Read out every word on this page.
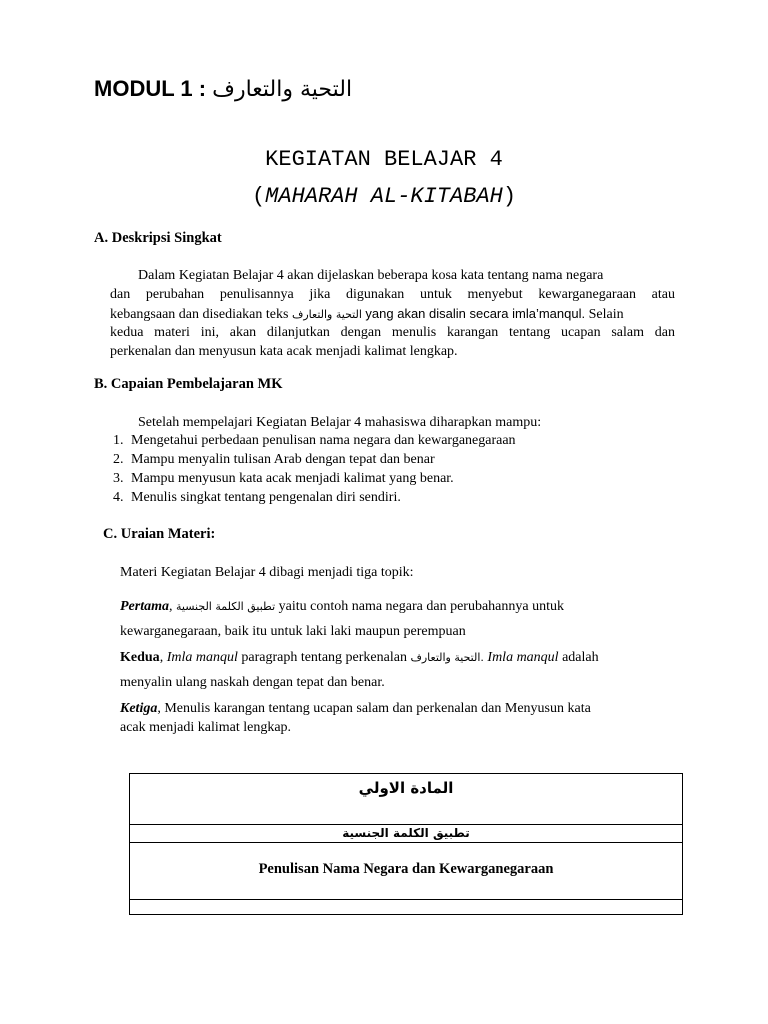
MODUL 1 : التحية والتعارف
KEGIATAN BELAJAR 4
(MAHARAH AL-KITABAH)
A. Deskripsi Singkat
Dalam Kegiatan Belajar 4 akan dijelaskan beberapa kosa kata tentang nama negara
dan perubahan penulisannya jika digunakan untuk menyebut kewarganegaraan atau
kebangsaan dan disediakan teks التحية والتعارف yang akan disalin secara imla’manqul. Selain
kedua materi ini, akan dilanjutkan dengan menulis karangan tentang ucapan salam dan
perkenalan dan menyusun kata acak menjadi kalimat lengkap.
B. Capaian Pembelajaran MK
Setelah mempelajari Kegiatan Belajar 4 mahasiswa diharapkan mampu:
1. Mengetahui perbedaan penulisan nama negara dan kewarganegaraan
2. Mampu menyalin tulisan Arab dengan tepat dan benar
3. Mampu menyusun kata acak menjadi kalimat yang benar.
4. Menulis singkat tentang pengenalan diri sendiri.
C. Uraian Materi:
Materi Kegiatan Belajar 4 dibagi menjadi tiga topik:
Pertama, تطبيق الكلمة الجنسية yaitu contoh nama negara dan perubahannya untuk
kewarganegaraan, baik itu untuk laki laki maupun perempuan
Kedua, Imla manqul paragraph tentang perkenalan التحية والتعارف. Imla manqul adalah
menyalin ulang naskah dengan tepat dan benar.
Ketiga, Menulis karangan tentang ucapan salam dan perkenalan dan Menyusun kata
acak menjadi kalimat lengkap.
المادة الاولي
تطبيق الكلمة الجنسية
Penulisan Nama Negara dan Kewarganegaraan
